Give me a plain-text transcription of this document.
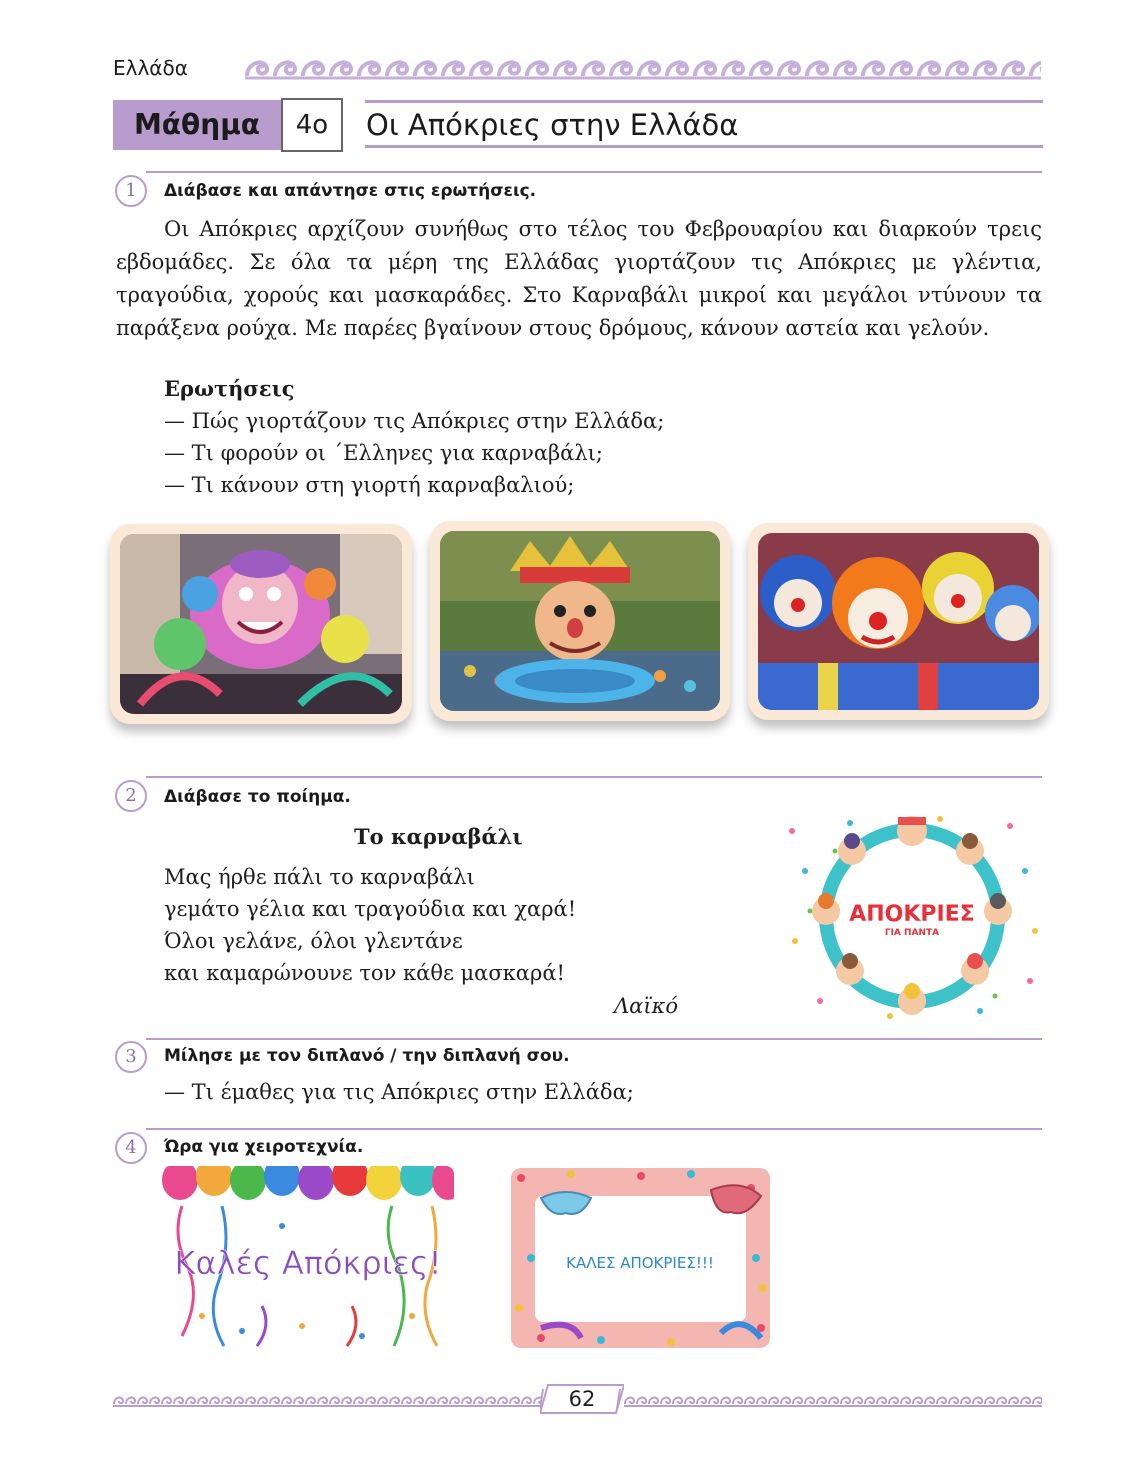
Ελλάδα
Μάθημα	4ο	Οι Απόκριες στην Ελλάδα
1	Διάβασε και απάντησε στις ερωτήσεις.

Οι Απόκριες αρχίζουν συνήθως στο τέλος του Φεβρουαρίου και διαρκούν τρεις εβδομάδες. Σε όλα τα μέρη της Ελλάδας γιορτάζουν τις Απόκριες με γλέντια, τραγούδια, χορούς και μασκαράδες. Στο Καρναβάλι μικροί και μεγάλοι ντύνουν τα παράξενα ρούχα. Με παρέες βγαίνουν στους δρόμους, κάνουν αστεία και γελούν.

Ερωτήσεις
— Πώς γιορτάζουν τις Απόκριες στην Ελλάδα;
— Τι φορούν οι ΄Ελληνες για καρναβάλι;
— Τι κάνουν στη γιορτή καρναβαλιού;
2	Διάβασε το ποίημα.
Το καρναβάλι
Μας ήρθε πάλι το καρναβάλι
γεμάτο γέλια και τραγούδια και χαρά!
Όλοι γελάνε, όλοι γλεντάνε
και καμαρώνουνε τον κάθε μασκαρά!
Λαϊκό
ΑΠΟΚΡΙΕΣ
ΓΙΑ ΠΑΝΤΑ
3	Μίλησε με τον διπλανό / την διπλανή σου.
— Τι έμαθες για τις Απόκριες στην Ελλάδα;
4	Ώρα για χειροτεχνία.
Καλές Απόκριες!	ΚΑΛΕΣ ΑΠΟΚΡΙΕΣ!!!
62
